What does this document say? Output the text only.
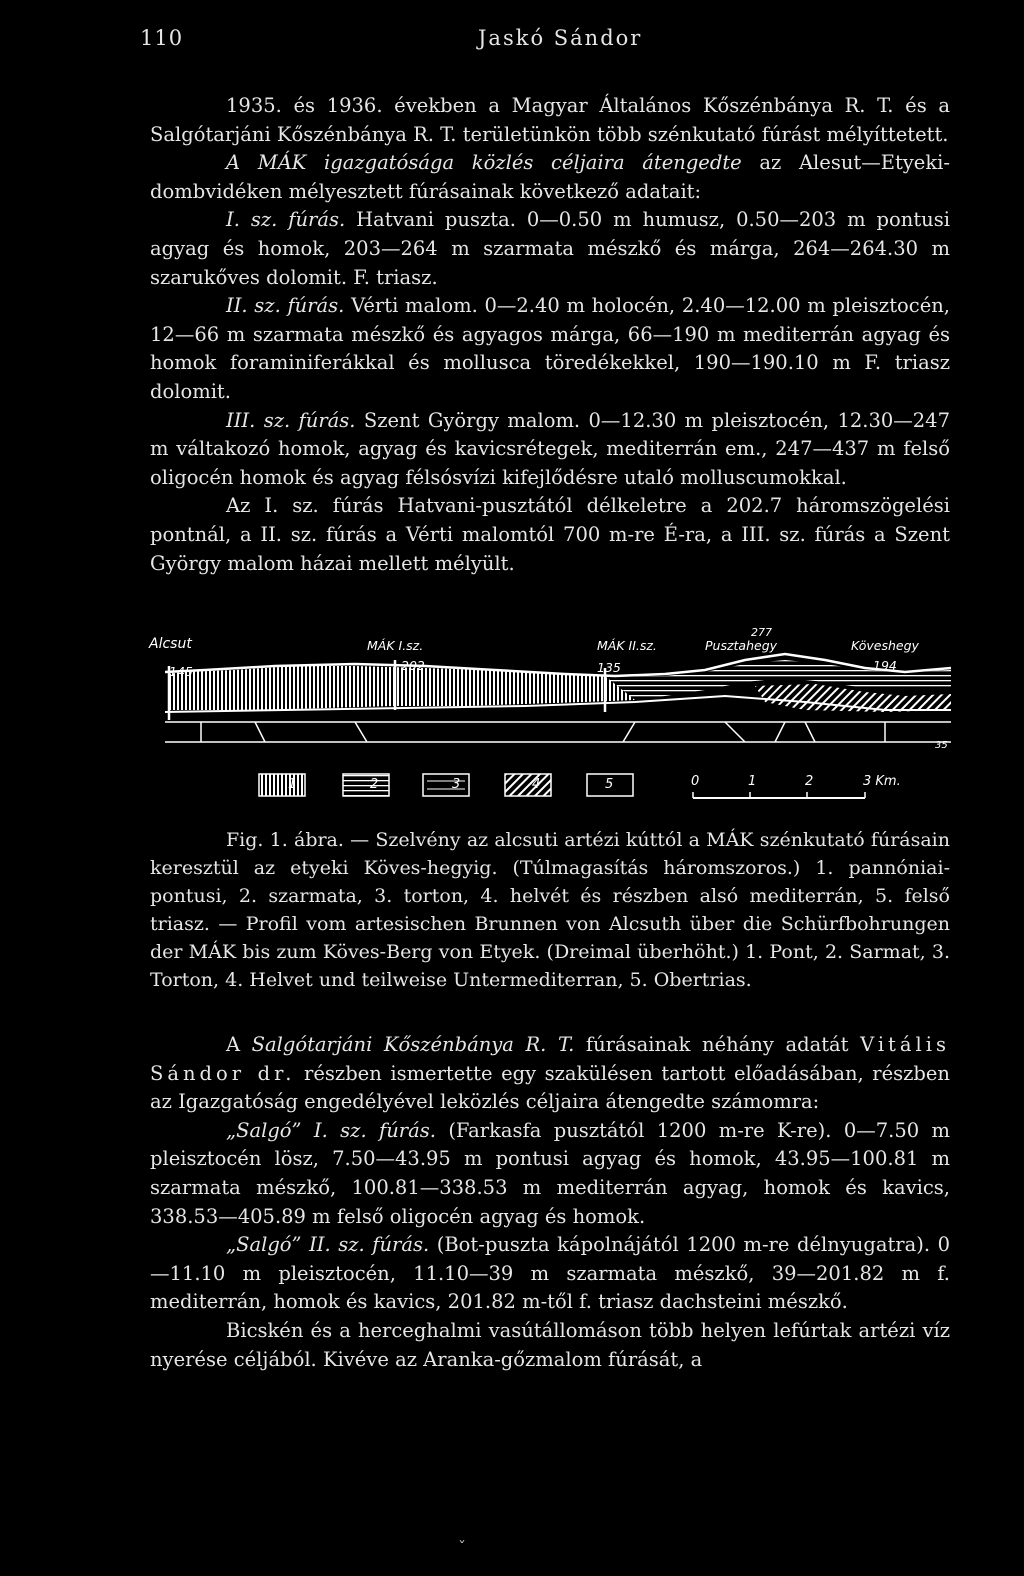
110	Jaskó Sándor

1935. és 1936. években a Magyar Általános Kőszénbánya R. T. és a Salgótarjáni Kőszénbánya R. T. területünkön több szénkutató fúrást mélyíttetett.

A MÁK igazgatósága közlés céljaira átengedte az Alesut—Etyeki-dombvidéken mélyesztett fúrásainak következő adatait:

I. sz. fúrás. Hatvani puszta. 0—0.50 m humusz, 0.50—203 m pontusi agyag és homok, 203—264 m szarmata mészkő és márga, 264—264.30 m szarukőves dolomit. F. triasz.

II. sz. fúrás. Vérti malom. 0—2.40 m holocén, 2.40—12.00 m pleisztocén, 12—66 m szarmata mészkő és agyagos márga, 66—190 m mediterrán agyag és homok foraminiferákkal és mollusca töredékekkel, 190—190.10 m F. triasz dolomit.

III. sz. fúrás. Szent György malom. 0—12.30 m pleisztocén, 12.30—247 m váltakozó homok, agyag és kavicsrétegek, mediterrán em., 247—437 m felső oligocén homok és agyag félsósvízi kifejlődésre utaló molluscumokkal.

Az I. sz. fúrás Hatvani-pusztától délkeletre a 202.7 háromszögelési pontnál, a II. sz. fúrás a Vérti malomtól 700 m-re É-ra, a III. sz. fúrás a Szent György malom házai mellett mélyült.

Alcsut	MÁK I.sz.	MÁK II.sz.	Pusztahegy
277
Köveshegy
145	202	135	194
35
1	2	3	4	5	0	1	2	3 Km.

Fig. 1. ábra. — Szelvény az alcsuti artézi kúttól a MÁK szénkutató fúrásain keresztül az etyeki Köves-hegyig. (Túlmagasítás háromszoros.) 1. pannóniai-pontusi, 2. szarmata, 3. torton, 4. helvét és részben alsó mediterrán, 5. felső triasz. — Profil vom artesischen Brunnen von Alcsuth über die Schürfbohrungen der MÁK bis zum Köves-Berg von Etyek. (Dreimal überhöht.) 1. Pont, 2. Sarmat, 3. Torton, 4. Helvet und teilweise Untermediterran, 5. Obertrias.

A Salgótarjáni Kőszénbánya R. T. fúrásainak néhány adatát Vitális Sándor dr. részben ismertette egy szakülésen tartott előadásában, részben az Igazgatóság engedélyével leközlés céljaira átengedte számomra:

„Salgó” I. sz. fúrás. (Farkasfa pusztától 1200 m-re K-re). 0—7.50 m pleisztocén lösz, 7.50—43.95 m pontusi agyag és homok, 43.95—100.81 m szarmata mészkő, 100.81—338.53 m mediterrán agyag, homok és kavics, 338.53—405.89 m felső oligocén agyag és homok.

„Salgó” II. sz. fúrás. (Bot-puszta kápolnájától 1200 m-re délnyugatra). 0—11.10 m pleisztocén, 11.10—39 m szarmata mészkő, 39—201.82 m f. mediterrán, homok és kavics, 201.82 m-től f. triasz dachsteini mészkő.

Bicskén és a herceghalmi vasútállomáson több helyen lefúrtak artézi víz nyerése céljából. Kivéve az Aranka-gőzmalom fúrását, a

ˇ
